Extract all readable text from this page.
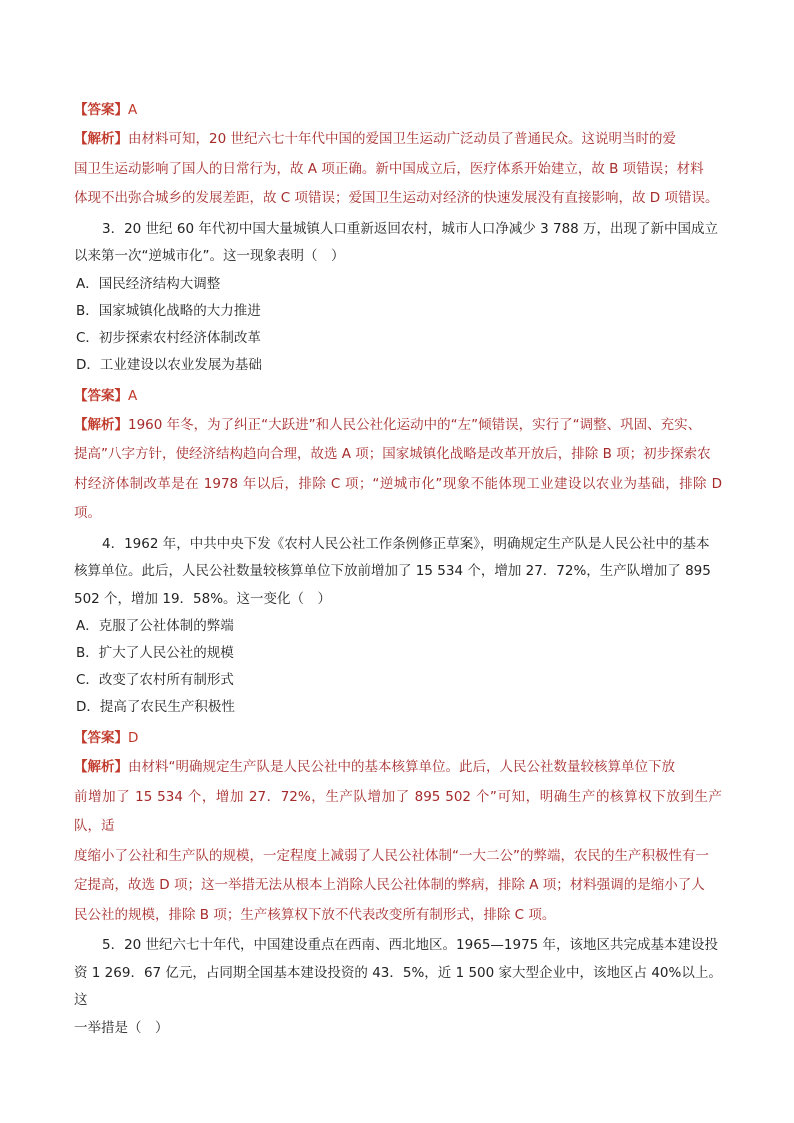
【答案】A

【解析】由材料可知，20 世纪六七十年代中国的爱国卫生运动广泛动员了普通民众。这说明当时的爱
国卫生运动影响了国人的日常行为，故 A 项正确。新中国成立后，医疗体系开始建立，故 B 项错误；材料
体现不出弥合城乡的发展差距，故 C 项错误；爱国卫生运动对经济的快速发展没有直接影响，故 D 项错误。
3．20 世纪 60 年代初中国大量城镇人口重新返回农村，城市人口净减少 3 788 万，出现了新中国成立
以来第一次“逆城市化”。这一现象表明（　）
A．国民经济结构大调整
B．国家城镇化战略的大力推进
C．初步探索农村经济体制改革
D．工业建设以农业发展为基础

【答案】A

【解析】1960 年冬，为了纠正“大跃进”和人民公社化运动中的“左”倾错误，实行了“调整、巩固、充实、
提高”八字方针，使经济结构趋向合理，故选 A 项；国家城镇化战略是改革开放后，排除 B 项；初步探索农
村经济体制改革是在 1978 年以后，排除 C 项；“逆城市化”现象不能体现工业建设以农业为基础，排除 D 项。
4．1962 年，中共中央下发《农村人民公社工作条例修正草案》，明确规定生产队是人民公社中的基本
核算单位。此后，人民公社数量较核算单位下放前增加了 15 534 个，增加 27．72%，生产队增加了 895
502 个，增加 19．58%。这一变化（　）
A．克服了公社体制的弊端
B．扩大了人民公社的规模
C．改变了农村所有制形式
D．提高了农民生产积极性

【答案】D

【解析】由材料“明确规定生产队是人民公社中的基本核算单位。此后，人民公社数量较核算单位下放
前增加了 15 534 个，增加 27．72%，生产队增加了 895 502 个”可知，明确生产的核算权下放到生产队，适
度缩小了公社和生产队的规模，一定程度上减弱了人民公社体制“一大二公”的弊端，农民的生产积极性有一
定提高，故选 D 项；这一举措无法从根本上消除人民公社体制的弊病，排除 A 项；材料强调的是缩小了人
民公社的规模，排除 B 项；生产核算权下放不代表改变所有制形式，排除 C 项。
5．20 世纪六七十年代，中国建设重点在西南、西北地区。1965—1975 年，该地区共完成基本建设投
资 1 269．67 亿元，占同期全国基本建设投资的 43．5%，近 1 500 家大型企业中，该地区占 40%以上。这
一举措是（　）
